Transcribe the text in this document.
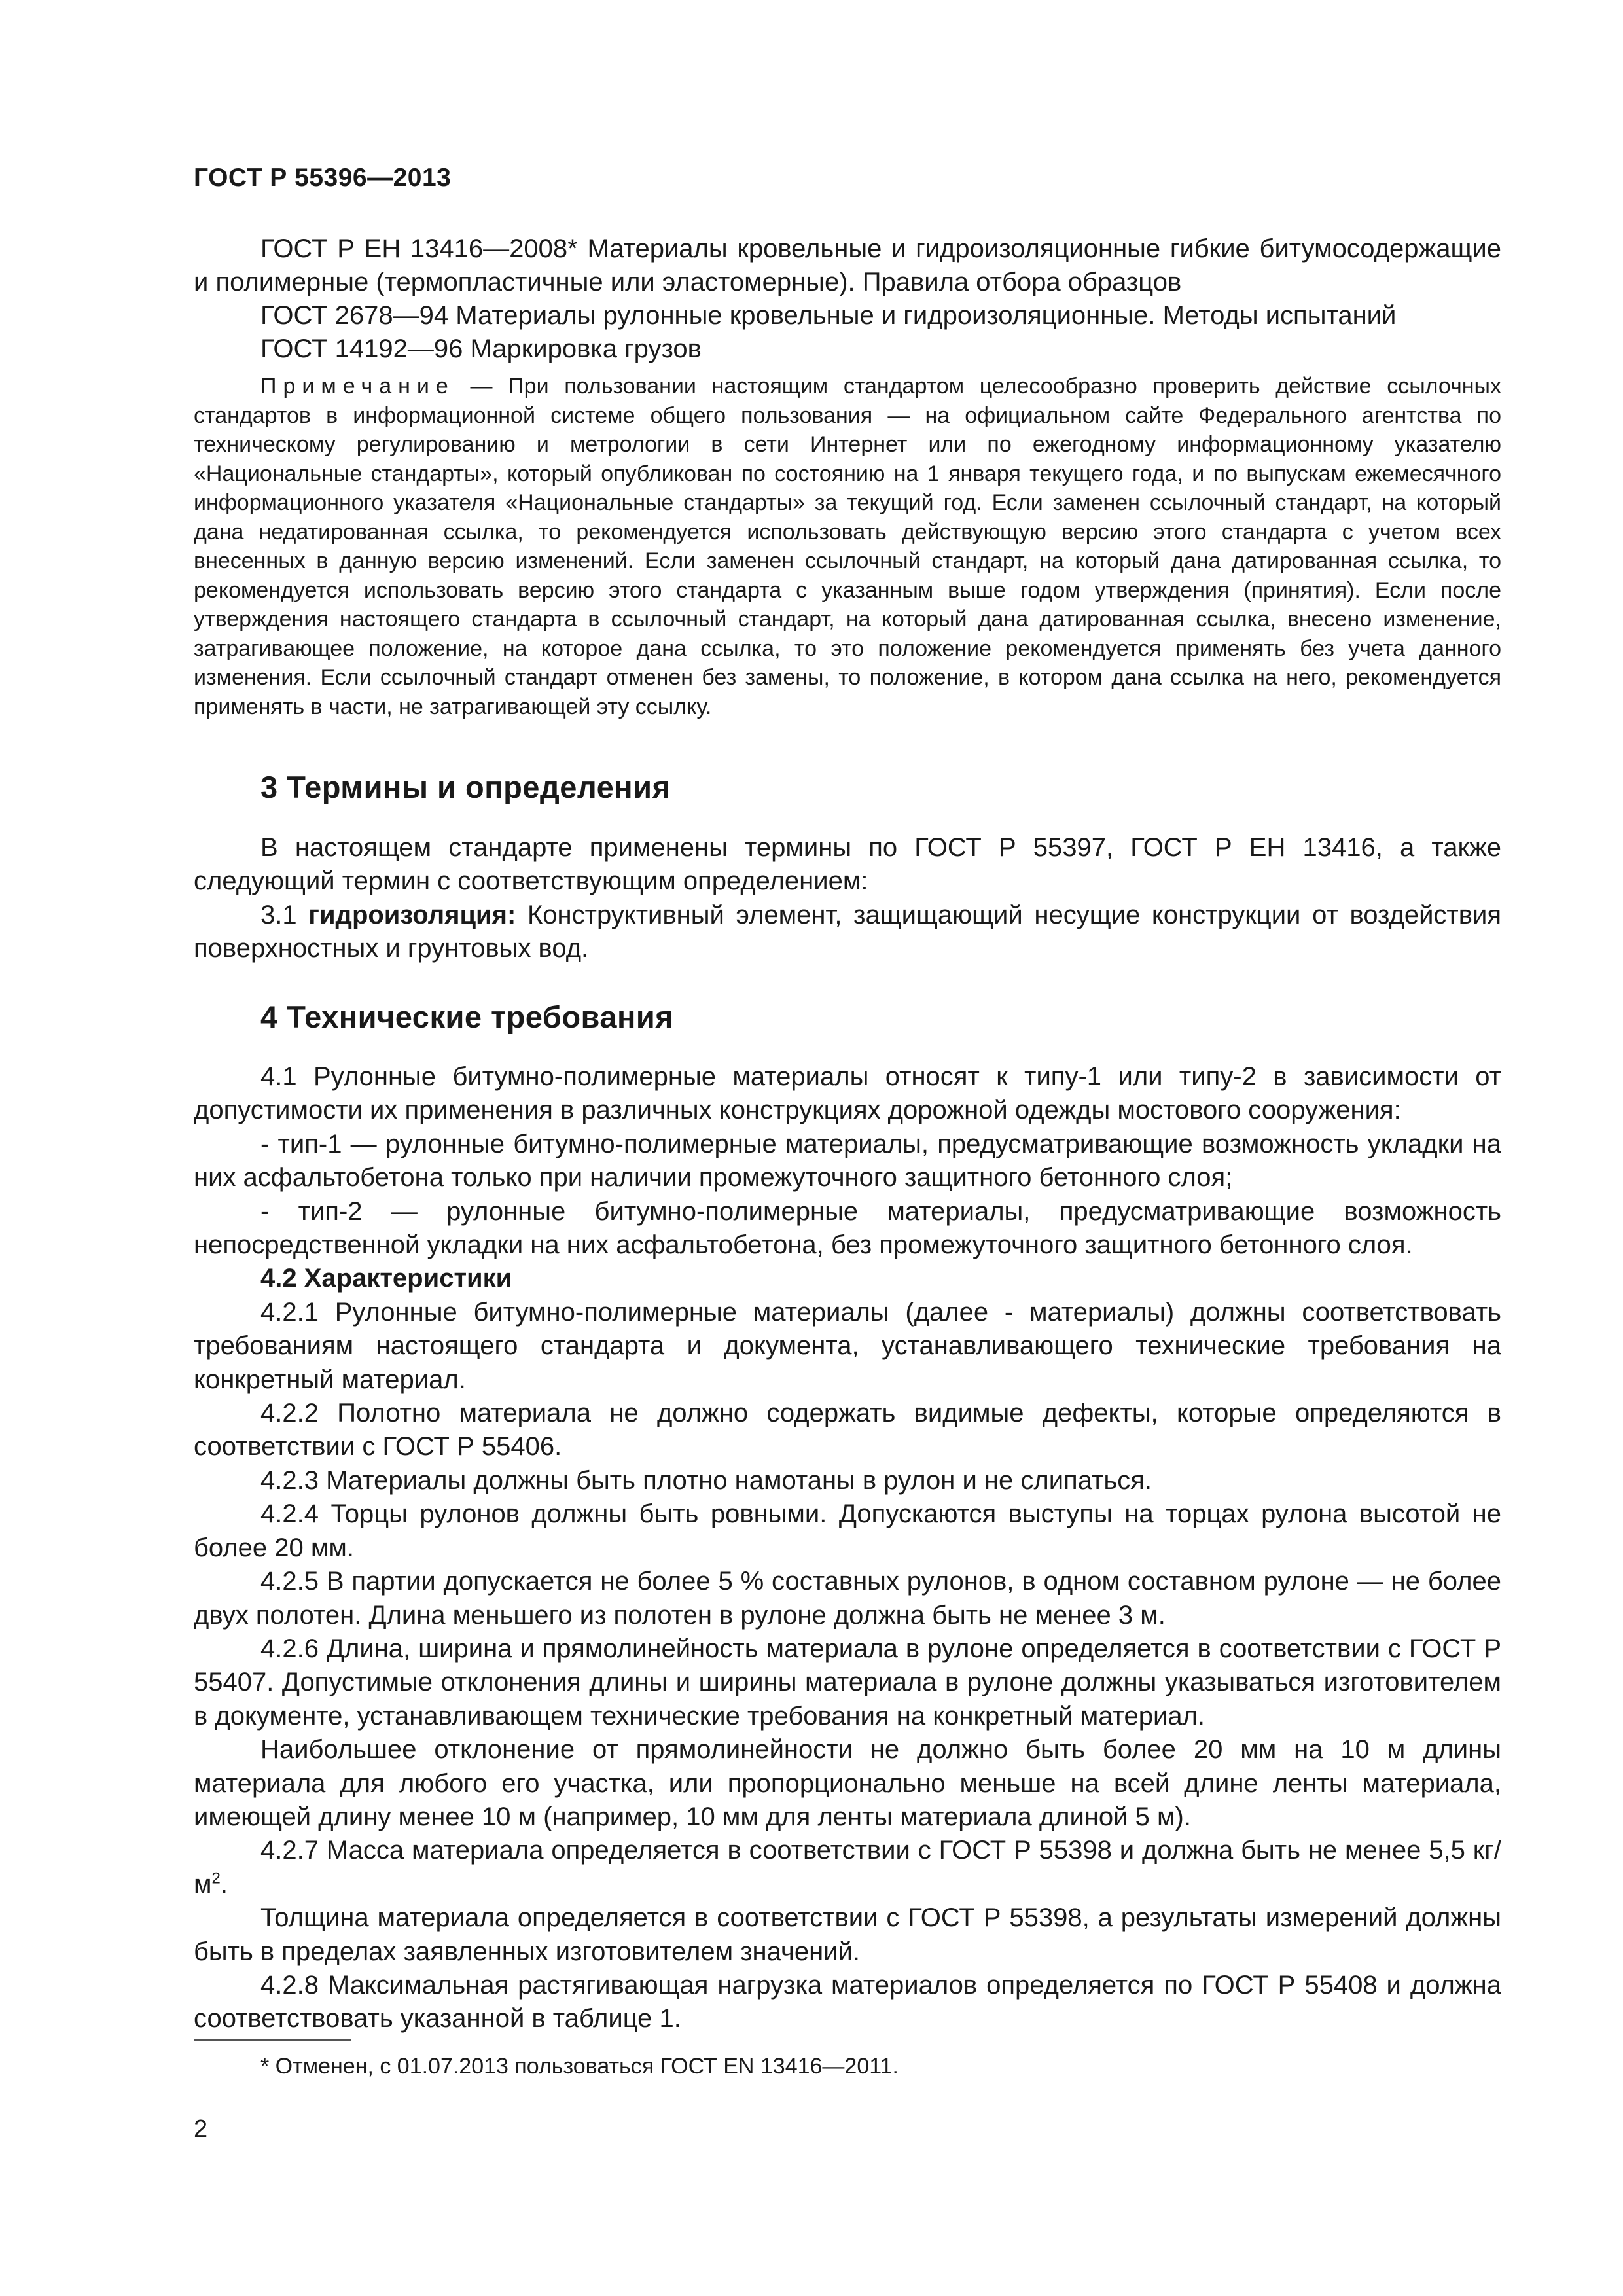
ГОСТ Р 55396—2013

ГОСТ Р ЕН 13416—2008* Материалы кровельные и гидроизоляционные гибкие битумосодержащие и полимерные (термопластичные или эластомерные). Правила отбора образцов

ГОСТ 2678—94 Материалы рулонные кровельные и гидроизоляционные. Методы испытаний

ГОСТ 14192—96 Маркировка грузов

Примечание — При пользовании настоящим стандартом целесообразно проверить действие ссылочных стандартов в информационной системе общего пользования — на официальном сайте Федерального агентства по техническому регулированию и метрологии в сети Интернет или по ежегодному информационному указателю «Национальные стандарты», который опубликован по состоянию на 1 января текущего года, и по выпускам ежемесячного информационного указателя «Национальные стандарты» за текущий год. Если заменен ссылочный стандарт, на который дана недатированная ссылка, то рекомендуется использовать действующую версию этого стандарта с учетом всех внесенных в данную версию изменений. Если заменен ссылочный стандарт, на который дана датированная ссылка, то рекомендуется использовать версию этого стандарта с указанным выше годом утверждения (принятия). Если после утверждения настоящего стандарта в ссылочный стандарт, на который дана датированная ссылка, внесено изменение, затрагивающее положение, на которое дана ссылка, то это положение рекомендуется применять без учета данного изменения. Если ссылочный стандарт отменен без замены, то положение, в котором дана ссылка на него, рекомендуется применять в части, не затрагивающей эту ссылку.
3 Термины и определения

В настоящем стандарте применены термины по ГОСТ Р 55397, ГОСТ Р ЕН 13416, а также следующий термин с соответствующим определением:

3.1 гидроизоляция: Конструктивный элемент, защищающий несущие конструкции от воздействия поверхностных и грунтовых вод.

4 Технические требования

4.1 Рулонные битумно-полимерные материалы относят к типу-1 или типу-2 в зависимости от допустимости их применения в различных конструкциях дорожной одежды мостового сооружения:

- тип-1 — рулонные битумно-полимерные материалы, предусматривающие возможность укладки на них асфальтобетона только при наличии промежуточного защитного бетонного слоя;

- тип-2 — рулонные битумно-полимерные материалы, предусматривающие возможность непосредственной укладки на них асфальтобетона, без промежуточного защитного бетонного слоя.

4.2 Характеристики

4.2.1 Рулонные битумно-полимерные материалы (далее - материалы) должны соответствовать требованиям настоящего стандарта и документа, устанавливающего технические требования на конкретный материал.

4.2.2 Полотно материала не должно содержать видимые дефекты, которые определяются в соответствии с ГОСТ Р 55406.

4.2.3 Материалы должны быть плотно намотаны в рулон и не слипаться.

4.2.4 Торцы рулонов должны быть ровными. Допускаются выступы на торцах рулона высотой не более 20 мм.

4.2.5 В партии допускается не более 5 % составных рулонов, в одном составном рулоне — не более двух полотен. Длина меньшего из полотен в рулоне должна быть не менее 3 м.

4.2.6 Длина, ширина и прямолинейность материала в рулоне определяется в соответствии с ГОСТ Р 55407. Допустимые отклонения длины и ширины материала в рулоне должны указываться изготовителем в документе, устанавливающем технические требования на конкретный материал.

Наибольшее отклонение от прямолинейности не должно быть более 20 мм на 10 м длины материала для любого его участка, или пропорционально меньше на всей длине ленты материала, имеющей длину менее 10 м (например, 10 мм для ленты материала длиной 5 м).

4.2.7 Масса материала определяется в соответствии с ГОСТ Р 55398 и должна быть не менее 5,5 $кг/м^2$.

Толщина материала определяется в соответствии с ГОСТ Р 55398, а результаты измерений должны быть в пределах заявленных изготовителем значений.

4.2.8 Максимальная растягивающая нагрузка материалов определяется по ГОСТ Р 55408 и должна соответствовать указанной в таблице 1.

* Отменен, с 01.07.2013 пользоваться ГОСТ EN 13416—2011.
2
